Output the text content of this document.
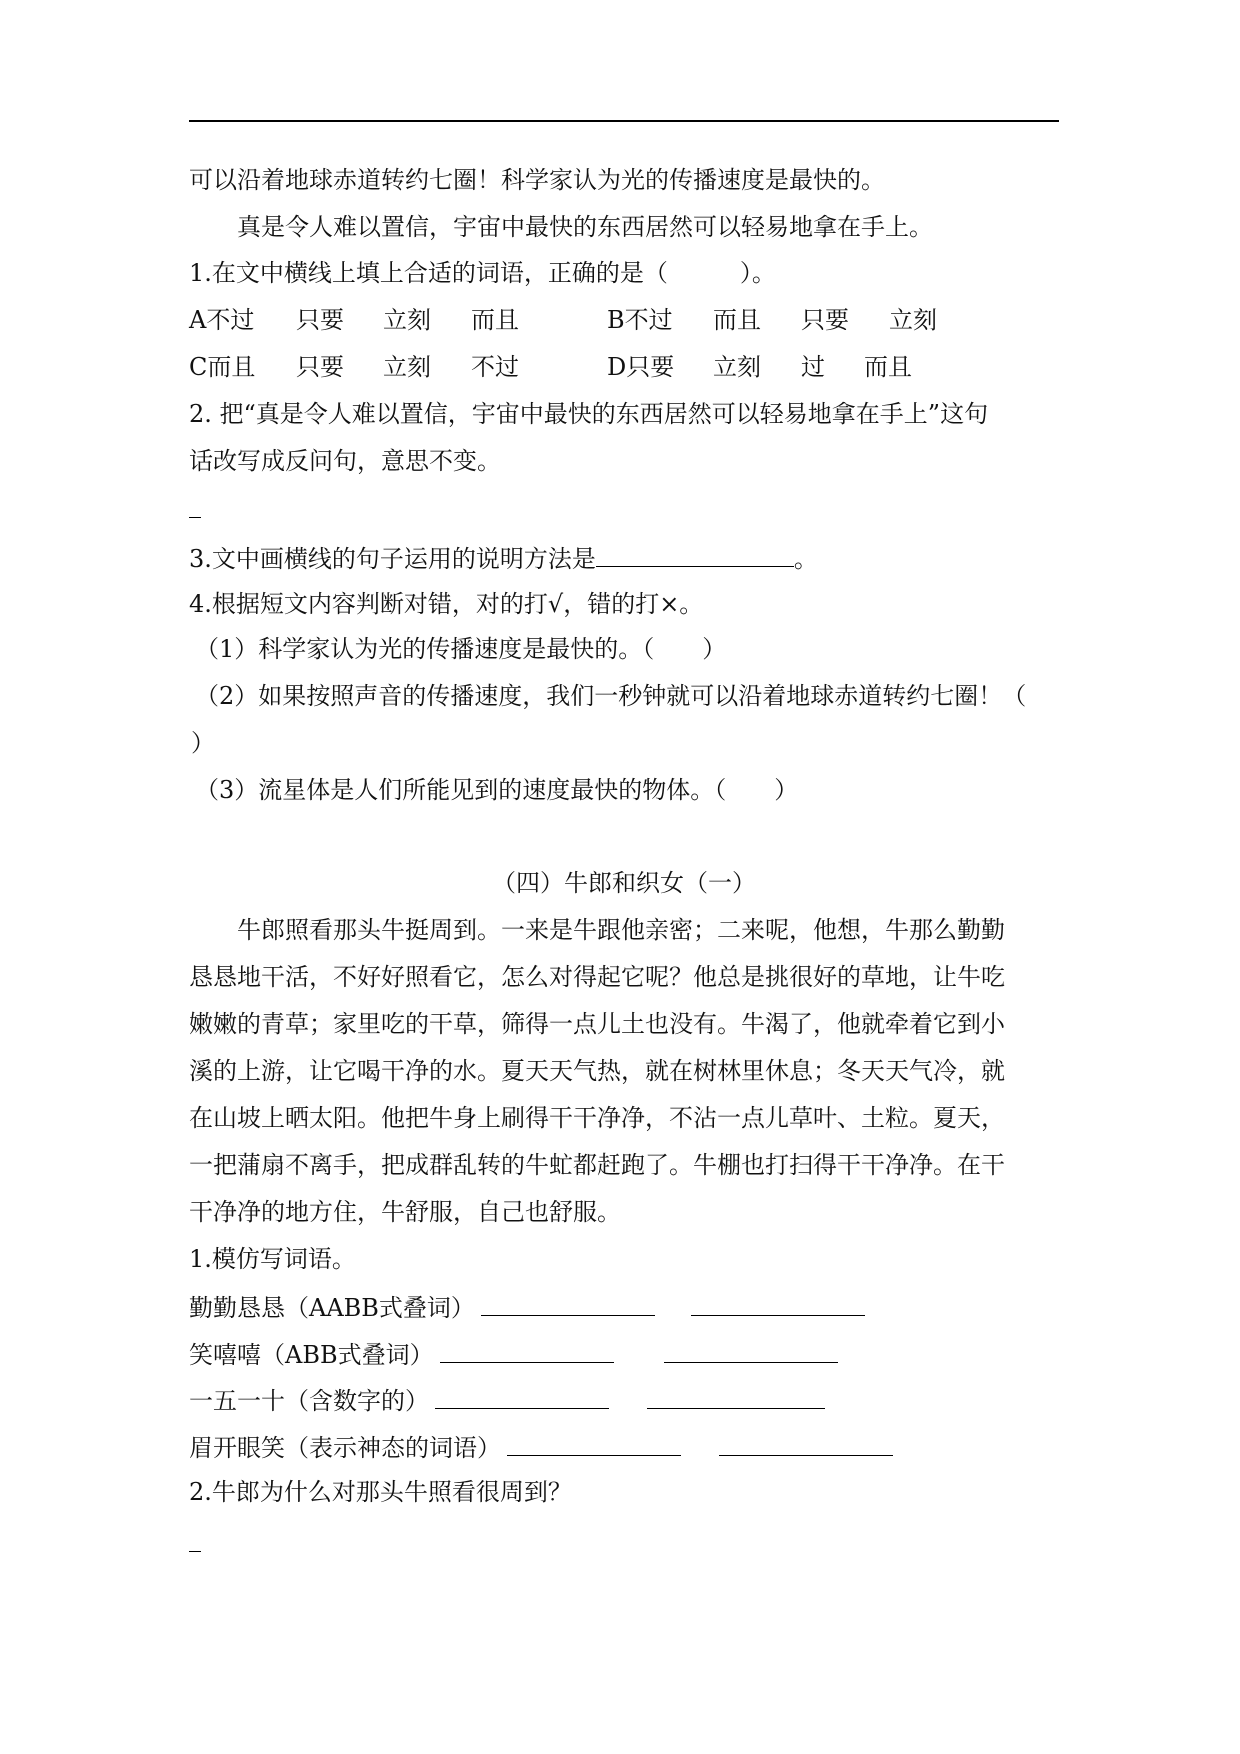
可以沿着地球赤道转约七圈！科学家认为光的传播速度是最快的。
真是令人难以置信，宇宙中最快的东西居然可以轻易地拿在手上。
1.在文中横线上填上合适的词语，正确的是（　　　）。
A不过 只要 立刻 而且	B不过 而且 只要 立刻
C而且 只要 立刻 不过	D只要 立刻 过 而且
2. 把“真是令人难以置信，宇宙中最快的东西居然可以轻易地拿在手上”这句
话改写成反问句，意思不变。
3.文中画横线的句子运用的说明方法是	。
4.根据短文内容判断对错，对的打√，错的打×。
（1）科学家认为光的传播速度是最快的。（　　）
（2）如果按照声音的传播速度，我们一秒钟就可以沿着地球赤道转约七圈！（
）
（3）流星体是人们所能见到的速度最快的物体。（　　）
（四）牛郎和织女（一）
牛郎照看那头牛挺周到。一来是牛跟他亲密；二来呢，他想，牛那么勤勤
恳恳地干活，不好好照看它，怎么对得起它呢？他总是挑很好的草地，让牛吃
嫩嫩的青草；家里吃的干草，筛得一点儿土也没有。牛渴了，他就牵着它到小
溪的上游，让它喝干净的水。夏天天气热，就在树林里休息；冬天天气冷，就
在山坡上晒太阳。他把牛身上刷得干干净净，不沾一点儿草叶、土粒。夏天，
一把蒲扇不离手，把成群乱转的牛虻都赶跑了。牛棚也打扫得干干净净。在干
干净净的地方住，牛舒服，自己也舒服。
1.模仿写词语。
勤勤恳恳（AABB式叠词）
笑嘻嘻（ABB式叠词）
一五一十（含数字的）
眉开眼笑（表示神态的词语）
2.牛郎为什么对那头牛照看很周到？
